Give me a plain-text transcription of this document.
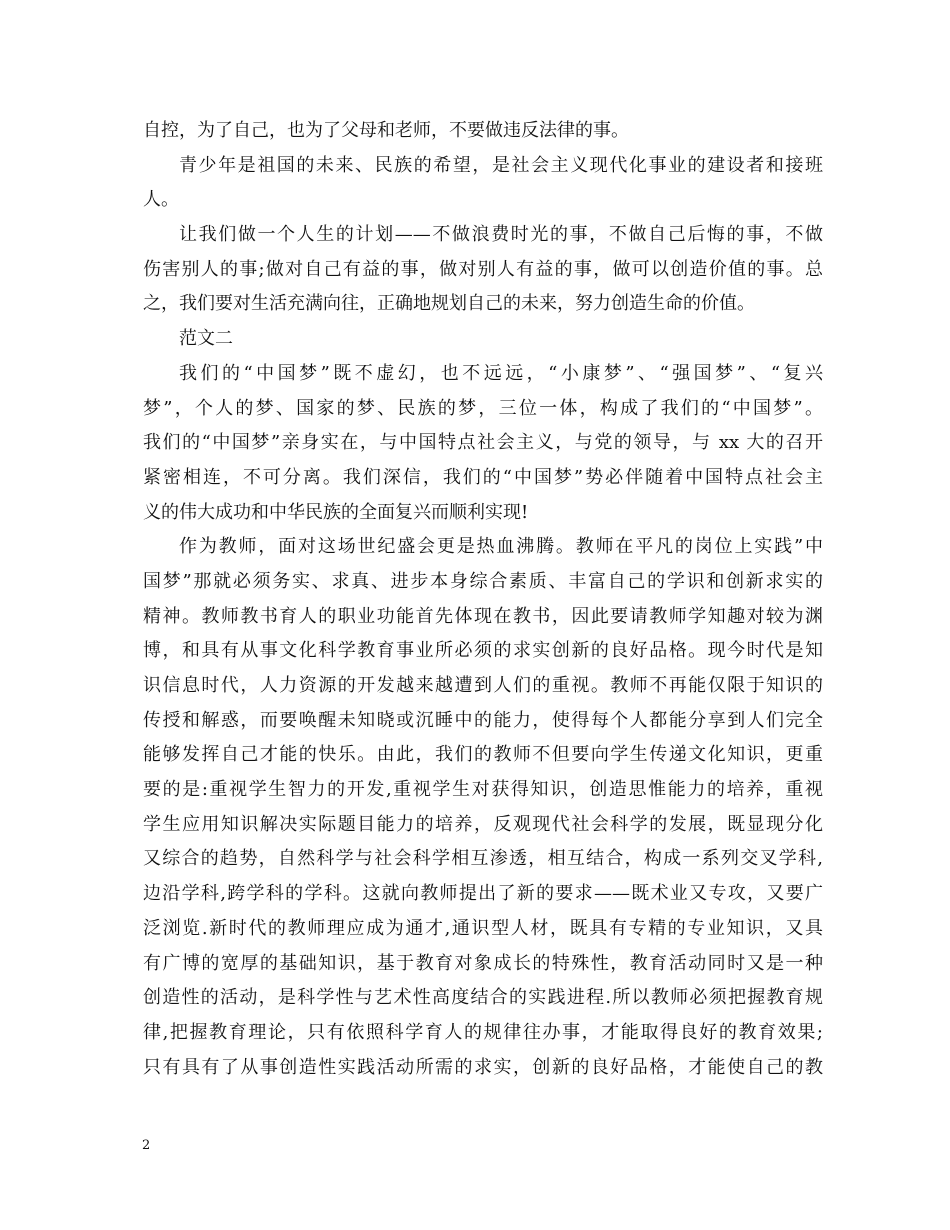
自控，为了自己，也为了父母和老师，不要做违反法律的事。
青少年是祖国的未来、民族的希望，是社会主义现代化事业的建设者和接班
人。
让我们做一个人生的计划——不做浪费时光的事，不做自己后悔的事，不做
伤害别人的事;做对自己有益的事，做对别人有益的事，做可以创造价值的事。总
之，我们要对生活充满向往，正确地规划自己的未来，努力创造生命的价值。
范文二
我们的“中国梦”既不虚幻，也不远远，“小康梦”、“强国梦”、“复兴
梦”，个人的梦、国家的梦、民族的梦，三位一体，构成了我们的“中国梦”。
我们的“中国梦”亲身实在，与中国特点社会主义，与党的领导，与 xx 大的召开
紧密相连，不可分离。我们深信，我们的“中国梦”势必伴随着中国特点社会主
义的伟大成功和中华民族的全面复兴而顺利实现!
作为教师，面对这场世纪盛会更是热血沸腾。教师在平凡的岗位上实践”中
国梦”那就必须务实、求真、进步本身综合素质、丰富自己的学识和创新求实的
精神。教师教书育人的职业功能首先体现在教书，因此要请教师学知趣对较为渊
博，和具有从事文化科学教育事业所必须的求实创新的良好品格。现今时代是知
识信息时代，人力资源的开发越来越遭到人们的重视。教师不再能仅限于知识的
传授和解惑，而要唤醒未知晓或沉睡中的能力，使得每个人都能分享到人们完全
能够发挥自己才能的快乐。由此，我们的教师不但要向学生传递文化知识，更重
要的是:重视学生智力的开发,重视学生对获得知识，创造思惟能力的培养，重视
学生应用知识解决实际题目能力的培养，反观现代社会科学的发展，既显现分化
又综合的趋势，自然科学与社会科学相互渗透，相互结合，构成一系列交叉学科,
边沿学科,跨学科的学科。这就向教师提出了新的要求——既术业又专攻，又要广
泛浏览.新时代的教师理应成为通才,通识型人材，既具有专精的专业知识，又具
有广博的宽厚的基础知识，基于教育对象成长的特殊性，教育活动同时又是一种
创造性的活动，是科学性与艺术性高度结合的实践进程.所以教师必须把握教育规
律,把握教育理论，只有依照科学育人的规律往办事，才能取得良好的教育效果;
只有具有了从事创造性实践活动所需的求实，创新的良好品格，才能使自己的教
2
